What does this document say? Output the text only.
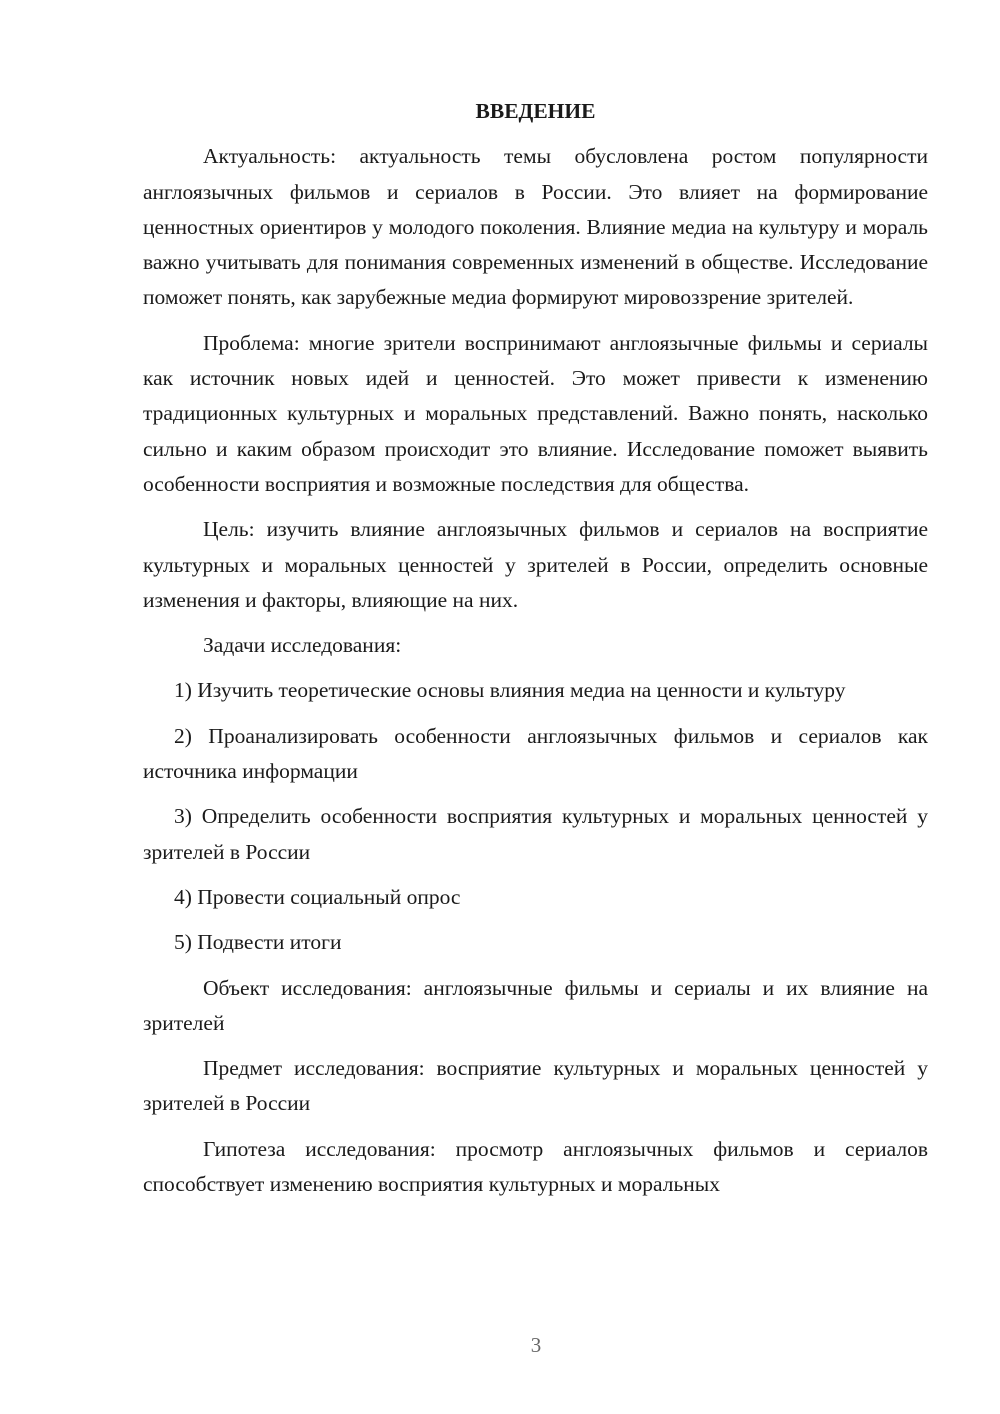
ВВЕДЕНИЕ

Актуальность: актуальность темы обусловлена ростом популярности англоязычных фильмов и сериалов в России. Это влияет на формирование ценностных ориентиров у молодого поколения. Влияние медиа на культуру и мораль важно учитывать для понимания современных изменений в обществе. Исследование поможет понять, как зарубежные медиа формируют мировоззрение зрителей.

Проблема: многие зрители воспринимают англоязычные фильмы и сериалы как источник новых идей и ценностей. Это может привести к изменению традиционных культурных и моральных представлений. Важно понять, насколько сильно и каким образом происходит это влияние. Исследование поможет выявить особенности восприятия и возможные последствия для общества.

Цель: изучить влияние англоязычных фильмов и сериалов на восприятие культурных и моральных ценностей у зрителей в России, определить основные изменения и факторы, влияющие на них.

Задачи исследования:

1) Изучить теоретические основы влияния медиа на ценности и культуру

2) Проанализировать особенности англоязычных фильмов и сериалов как источника информации

3) Определить особенности восприятия культурных и моральных ценностей у зрителей в России

4) Провести социальный опрос

5) Подвести итоги

Объект исследования: англоязычные фильмы и сериалы и их влияние на зрителей

Предмет исследования: восприятие культурных и моральных ценностей у зрителей в России

Гипотеза исследования: просмотр англоязычных фильмов и сериалов способствует изменению восприятия культурных и моральных

3
